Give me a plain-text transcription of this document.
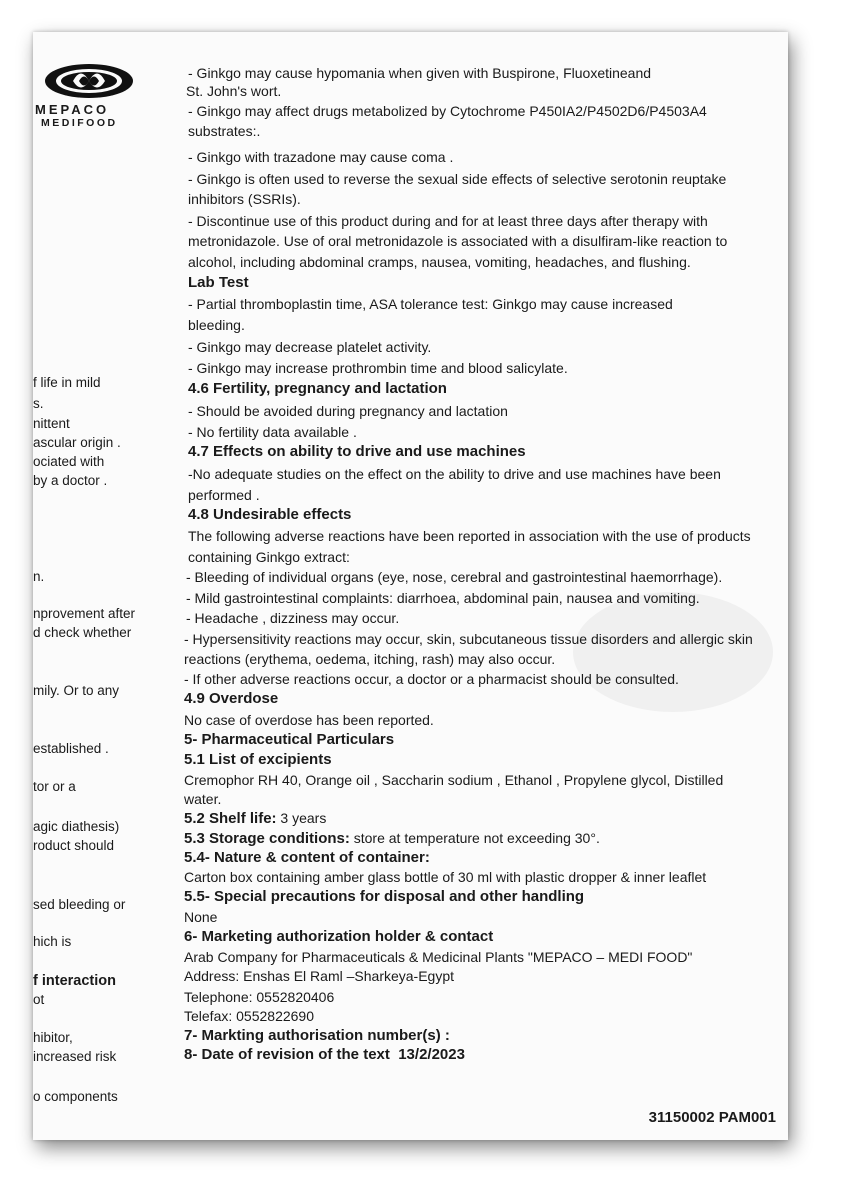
MEPACO
MEDIFOOD
f life in mild
s.
nittent
ascular origin .
ociated with
by a doctor .
n.
nprovement after
d check whether
mily. Or to any
established .
tor or a
agic diathesis)
roduct should
sed bleeding or
hich is
f interaction
ot
hibitor,
increased risk
o components
- Ginkgo may cause hypomania when given with Buspirone, Fluoxetineand
St. John's wort.
- Ginkgo may affect drugs metabolized by Cytochrome P450IA2/P4502D6/P4503A4
substrates:.
- Ginkgo with trazadone may cause coma .
- Ginkgo is often used to reverse the sexual side effects of selective serotonin reuptake
inhibitors (SSRIs).
- Discontinue use of this product during and for at least three days after therapy with
metronidazole. Use of oral metronidazole is associated with a disulfiram-like reaction to
alcohol, including abdominal cramps, nausea, vomiting, headaches, and flushing.
Lab Test
- Partial thromboplastin time, ASA tolerance test: Ginkgo may cause increased
bleeding.
- Ginkgo may decrease platelet activity.
- Ginkgo may increase prothrombin time and blood salicylate.
4.6 Fertility, pregnancy and lactation
- Should be avoided during pregnancy and lactation
- No fertility data available .
4.7 Effects on ability to drive and use machines
-No adequate studies on the effect on the ability to drive and use machines have been
performed .
4.8 Undesirable effects
The following adverse reactions have been reported in association with the use of products
containing Ginkgo extract:
- Bleeding of individual organs (eye, nose, cerebral and gastrointestinal haemorrhage).
- Mild gastrointestinal complaints: diarrhoea, abdominal pain, nausea and vomiting.
- Headache , dizziness may occur.
- Hypersensitivity reactions may occur, skin, subcutaneous tissue disorders and allergic skin
reactions (erythema, oedema, itching, rash) may also occur.
- If other adverse reactions occur, a doctor or a pharmacist should be consulted.
4.9 Overdose
No case of overdose has been reported.
5- Pharmaceutical Particulars
5.1 List of excipients
Cremophor RH 40, Orange oil , Saccharin sodium , Ethanol , Propylene glycol, Distilled
water.
5.2 Shelf life: 3 years
5.3 Storage conditions: store at temperature not exceeding 30°.
5.4- Nature & content of container:
Carton box containing amber glass bottle of 30 ml with plastic dropper & inner leaflet
5.5- Special precautions for disposal and other handling
None
6- Marketing authorization holder & contact
Arab Company for Pharmaceuticals & Medicinal Plants "MEPACO – MEDI FOOD"
Address: Enshas El Raml –Sharkeya-Egypt
Telephone: 0552820406
Telefax: 0552822690
7- Markting authorisation number(s) :
8- Date of revision of the text 13/2/2023
31150002 PAM001
